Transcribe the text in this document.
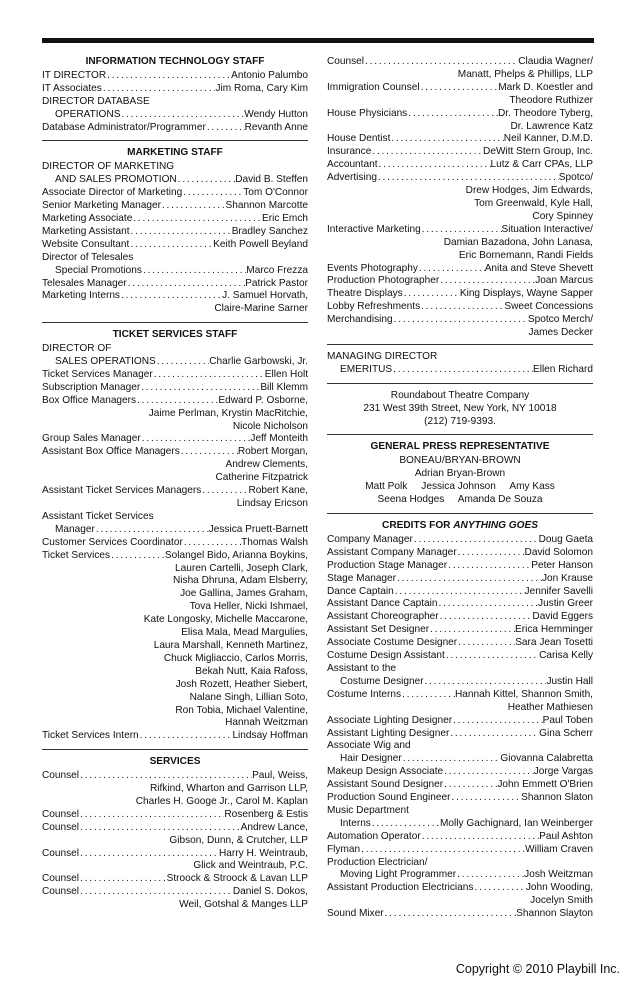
INFORMATION TECHNOLOGY STAFF
IT DIRECTOR . . .	Antonio Palumbo
IT Associates . . .	Jim Roma, Cary Kim
DIRECTOR DATABASE
OPERATIONS . . .	Wendy Hutton
Database Administrator/Programmer . . .	Revanth Anne
MARKETING STAFF
DIRECTOR OF MARKETING
AND SALES PROMOTION . . .	David B. Steffen
Associate Director of Marketing . . .	Tom O'Connor
Senior Marketing Manager . . .	Shannon Marcotte
Marketing Associate . . .	Eric Emch
Marketing Assistant . . .	Bradley Sanchez
Website Consultant . . .	Keith Powell Beyland
Director of Telesales
Special Promotions . . .	Marco Frezza
Telesales Manager . . .	Patrick Pastor
Marketing Interns . . .	J. Samuel Horvath,
Claire-Marine Sarner
TICKET SERVICES STAFF
DIRECTOR OF
SALES OPERATIONS . . .	Charlie Garbowski, Jr.
Ticket Services Manager . . .	Ellen Holt
Subscription Manager . . .	Bill Klemm
Box Office Managers . . .	Edward P. Osborne,
Jaime Perlman, Krystin MacRitchie,
Nicole Nicholson
Group Sales Manager . . .	Jeff Monteith
Assistant Box Office Managers . . .	Robert Morgan,
Andrew Clements,
Catherine Fitzpatrick
Assistant Ticket Services Managers . . .	Robert Kane,
Lindsay Ericson
Assistant Ticket Services
Manager . . .	Jessica Pruett-Barnett
Customer Services Coordinator . . .	Thomas Walsh
Ticket Services . . .	Solangel Bido, Arianna Boykins,
Lauren Cartelli, Joseph Clark,
Nisha Dhruna, Adam Elsberry,
Joe Gallina, James Graham,
Tova Heller, Nicki Ishmael,
Kate Longosky, Michelle Maccarone,
Elisa Mala, Mead Margulies,
Laura Marshall, Kenneth Martinez,
Chuck Migliaccio, Carlos Morris,
Bekah Nutt, Kaia Rafoss,
Josh Rozett, Heather Siebert,
Nalane Singh, Lillian Soto,
Ron Tobia, Michael Valentine,
Hannah Weitzman
Ticket Services Intern . . .	Lindsay Hoffman
SERVICES
Counsel . . .	Paul, Weiss,
Rifkind, Wharton and Garrison LLP,
Charles H. Googe Jr., Carol M. Kaplan
Counsel . . .	Rosenberg & Estis
Counsel . . .	Andrew Lance,
Gibson, Dunn, & Crutcher, LLP
Counsel . . .	Harry H. Weintraub,
Glick and Weintraub, P.C.
Counsel . . .	Stroock & Stroock & Lavan LLP
Counsel . . .	Daniel S. Dokos,
Weil, Gotshal & Manges LLP
Counsel . . .	Claudia Wagner/
Manatt, Phelps & Phillips, LLP
Immigration Counsel . . .	Mark D. Koestler and
Theodore Ruthizer
House Physicians . . .	Dr. Theodore Tyberg,
Dr. Lawrence Katz
House Dentist . . .	Neil Kanner, D.M.D.
Insurance . . .	DeWitt Stern Group, Inc.
Accountant . . .	Lutz & Carr CPAs, LLP
Advertising . . .	Spotco/
Drew Hodges, Jim Edwards,
Tom Greenwald, Kyle Hall,
Cory Spinney
Interactive Marketing . . .	Situation Interactive/
Damian Bazadona, John Lanasa,
Eric Bornemann, Randi Fields
Events Photography . . .	Anita and Steve Shevett
Production Photographer . . .	Joan Marcus
Theatre Displays . . .	King Displays, Wayne Sapper
Lobby Refreshments . . .	Sweet Concessions
Merchandising . . .	Spotco Merch/
James Decker
MANAGING DIRECTOR
EMERITUS . . .	Ellen Richard
Roundabout Theatre Company
231 West 39th Street, New York, NY 10018
(212) 719-9393.
GENERAL PRESS REPRESENTATIVE
BONEAU/BRYAN-BROWN
Adrian Bryan-Brown
Matt Polk     Jessica Johnson     Amy Kass
Seena Hodges     Amanda De Souza
CREDITS FOR ANYTHING GOES
Company Manager . . .	Doug Gaeta
Assistant Company Manager . . .	David Solomon
Production Stage Manager . . .	Peter Hanson
Stage Manager . . .	Jon Krause
Dance Captain . . .	Jennifer Savelli
Assistant Dance Captain . . .	Justin Greer
Assistant Choreographer . . .	David Eggers
Assistant Set Designer . . .	Erica Hemminger
Associate Costume Designer . . .	Sara Jean Tosetti
Costume Design Assistant . . .	Carisa Kelly
Assistant to the
Costume Designer . . .	Justin Hall
Costume Interns . . .	Hannah Kittel, Shannon Smith,
Heather Mathiesen
Associate Lighting Designer . . .	Paul Toben
Assistant Lighting Designer . . .	Gina Scherr
Associate Wig and
Hair Designer . . .	Giovanna Calabretta
Makeup Design Associate . . .	Jorge Vargas
Assistant Sound Designer . . .	John Emmett O'Brien
Production Sound Engineer . . .	Shannon Slaton
Music Department
Interns . . .	Molly Gachignard, Ian Weinberger
Automation Operator . . .	Paul Ashton
Flyman . . .	William Craven
Production Electrician/
Moving Light Programmer . . .	Josh Weitzman
Assistant Production Electricians . . .	John Wooding,
Jocelyn Smith
Sound Mixer . . .	Shannon Slayton
Copyright © 2010 Playbill Inc.
